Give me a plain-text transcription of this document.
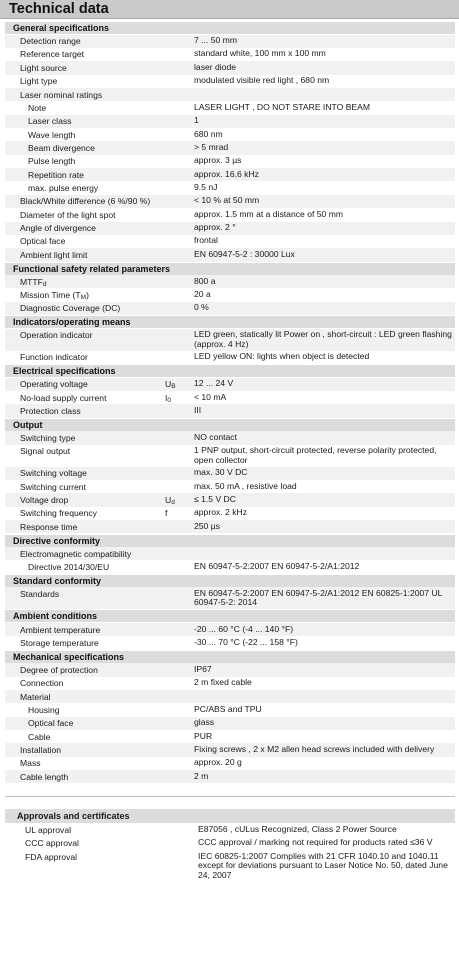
Technical data
General specifications
Detection range	7 ... 50 mm
Reference target	standard white, 100 mm x 100 mm
Light source	laser diode
Light type	modulated visible red light , 680 nm
Laser nominal ratings
Note	LASER LIGHT , DO NOT STARE INTO BEAM
Laser class	1
Wave length	680 nm
Beam divergence	> 5 mrad
Pulse length	approx. 3 µs
Repetition rate	approx. 16.6 kHz
max. pulse energy	9.5 nJ
Black/White difference (6 %/90 %)	< 10 % at 50 mm
Diameter of the light spot	approx. 1.5 mm at a distance of 50 mm
Angle of divergence	approx. 2 °
Optical face	frontal
Ambient light limit	EN 60947-5-2 : 30000 Lux
Functional safety related parameters
$MTTF_d$	800 a
Mission Time $(T_M)$	20 a
Diagnostic Coverage (DC)	0 %
Indicators/operating means
Operation indicator	LED green, statically lit Power on , short-circuit : LED green flashing (approx. 4 Hz)
Function indicator	LED yellow ON: lights when object is detected
Electrical specifications
Operating voltage	$U_B$ 12 ... 24 V
No-load supply current	$I_0$	< 10 mA
Protection class	III
Output
Switching type	NO contact
Signal output	1 PNP output, short-circuit protected, reverse polarity protected, open collector
Switching voltage	max. 30 V DC
Switching current	max. 50 mA , resistive load
Voltage drop	$U_d \le 1.5$ V DC
Switching frequency	f	approx. 2 kHz
Response time	250 µs
Directive conformity
Electromagnetic compatibility
Directive 2014/30/EU	EN 60947-5-2:2007 EN 60947-5-2/A1:2012
Standard conformity
Standards	EN 60947-5-2:2007 EN 60947-5-2/A1:2012 EN 60825-1:2007 UL 60947-5-2: 2014
Ambient conditions
Ambient temperature	-20 ... 60 °C (-4 ... 140 °F)
Storage temperature	-30 ... 70 °C (-22 ... 158 °F)
Mechanical specifications
Degree of protection	IP67
Connection	2 m fixed cable
Material
Housing	PC/ABS and TPU
Optical face	glass
Cable	PUR
Installation	Fixing screws , 2 x M2 allen head screws included with delivery
Mass	approx. 20 g
Cable length	2 m
Approvals and certificates
UL approval	E87056 , cULus Recognized, Class 2 Power Source
CCC approval	CCC approval / marking not required for products rated ≤36 V
FDA approval	IEC 60825-1:2007 Complies with 21 CFR 1040.10 and 1040.11 except for deviations pursuant to Laser Notice No. 50, dated June 24, 2007
